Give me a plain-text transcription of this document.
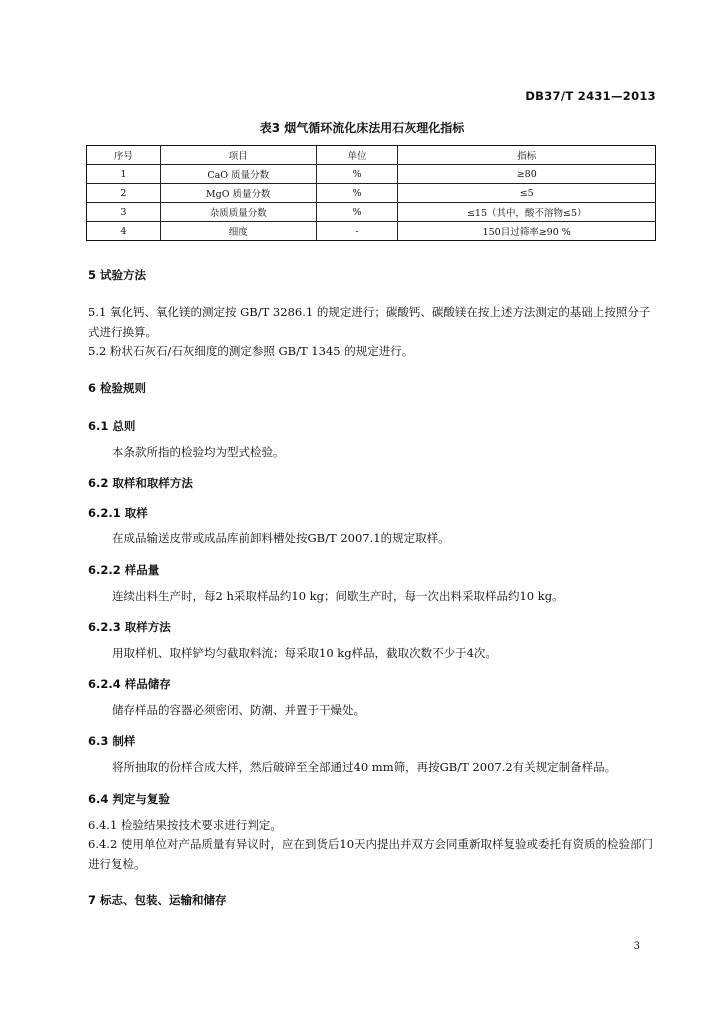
DB37/T 2431—2013
表3 烟气循环流化床法用石灰理化指标
序号	项目	单位	指标
1	CaO 质量分数	%	≥80
2	MgO 质量分数	%	≤5
3	杂质质量分数	%	≤15（其中，酸不溶物≤5）
4	细度	-	150目过筛率≥90 %
5 试验方法
5.1 氧化钙、氧化镁的测定按 GB/T 3286.1 的规定进行；碳酸钙、碳酸镁在按上述方法测定的基础上按照分子式进行换算。
5.2 粉状石灰石/石灰细度的测定参照 GB/T 1345 的规定进行。
6 检验规则
6.1 总则
本条款所指的检验均为型式检验。
6.2 取样和取样方法
6.2.1 取样
在成品输送皮带或成品库前卸料槽处按GB/T 2007.1的规定取样。
6.2.2 样品量
连续出料生产时，每2 h采取样品约10 kg；间歇生产时，每一次出料采取样品约10 kg。
6.2.3 取样方法
用取样机、取样铲均匀截取料流；每采取10 kg样品，截取次数不少于4次。
6.2.4 样品储存
储存样品的容器必须密闭、防潮、并置于干燥处。
6.3 制样
将所抽取的份样合成大样，然后破碎至全部通过40 mm筛，再按GB/T 2007.2有关规定制备样品。
6.4 判定与复验
6.4.1 检验结果按技术要求进行判定。
6.4.2 使用单位对产品质量有异议时，应在到货后10天内提出并双方会同重新取样复验或委托有资质的检验部门进行复检。
7 标志、包装、运输和储存
3
